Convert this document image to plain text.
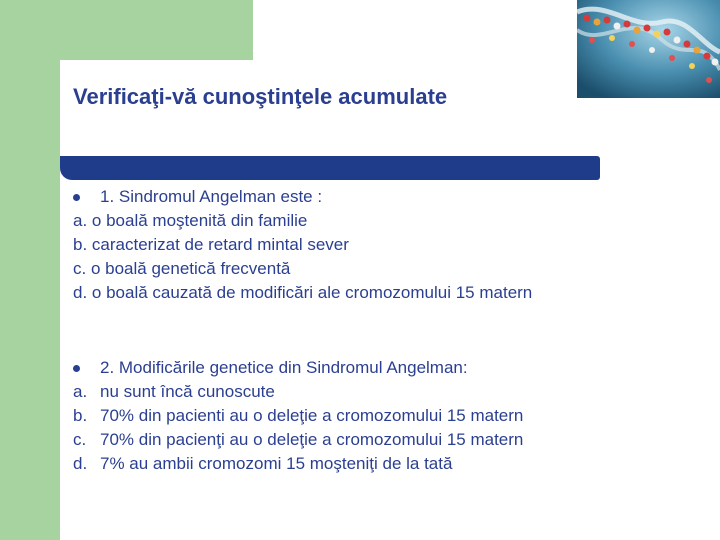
Verificaţi-vă cunoştinţele acumulate
1. Sindromul Angelman este :
a. o boală moştenită din familie
b. caracterizat de retard mintal sever
c. o boală genetică frecventă
d. o boală cauzată de modificări ale cromozomului 15 matern
2. Modificările genetice din Sindromul Angelman:
a. nu sunt încă cunoscute
b. 70% din pacienti au o deleţie a cromozomului 15 matern
c. 70% din pacienţi au o deleţie a cromozomului 15 matern
d. 7% au ambii cromozomi 15 moşteniţi de la tată
